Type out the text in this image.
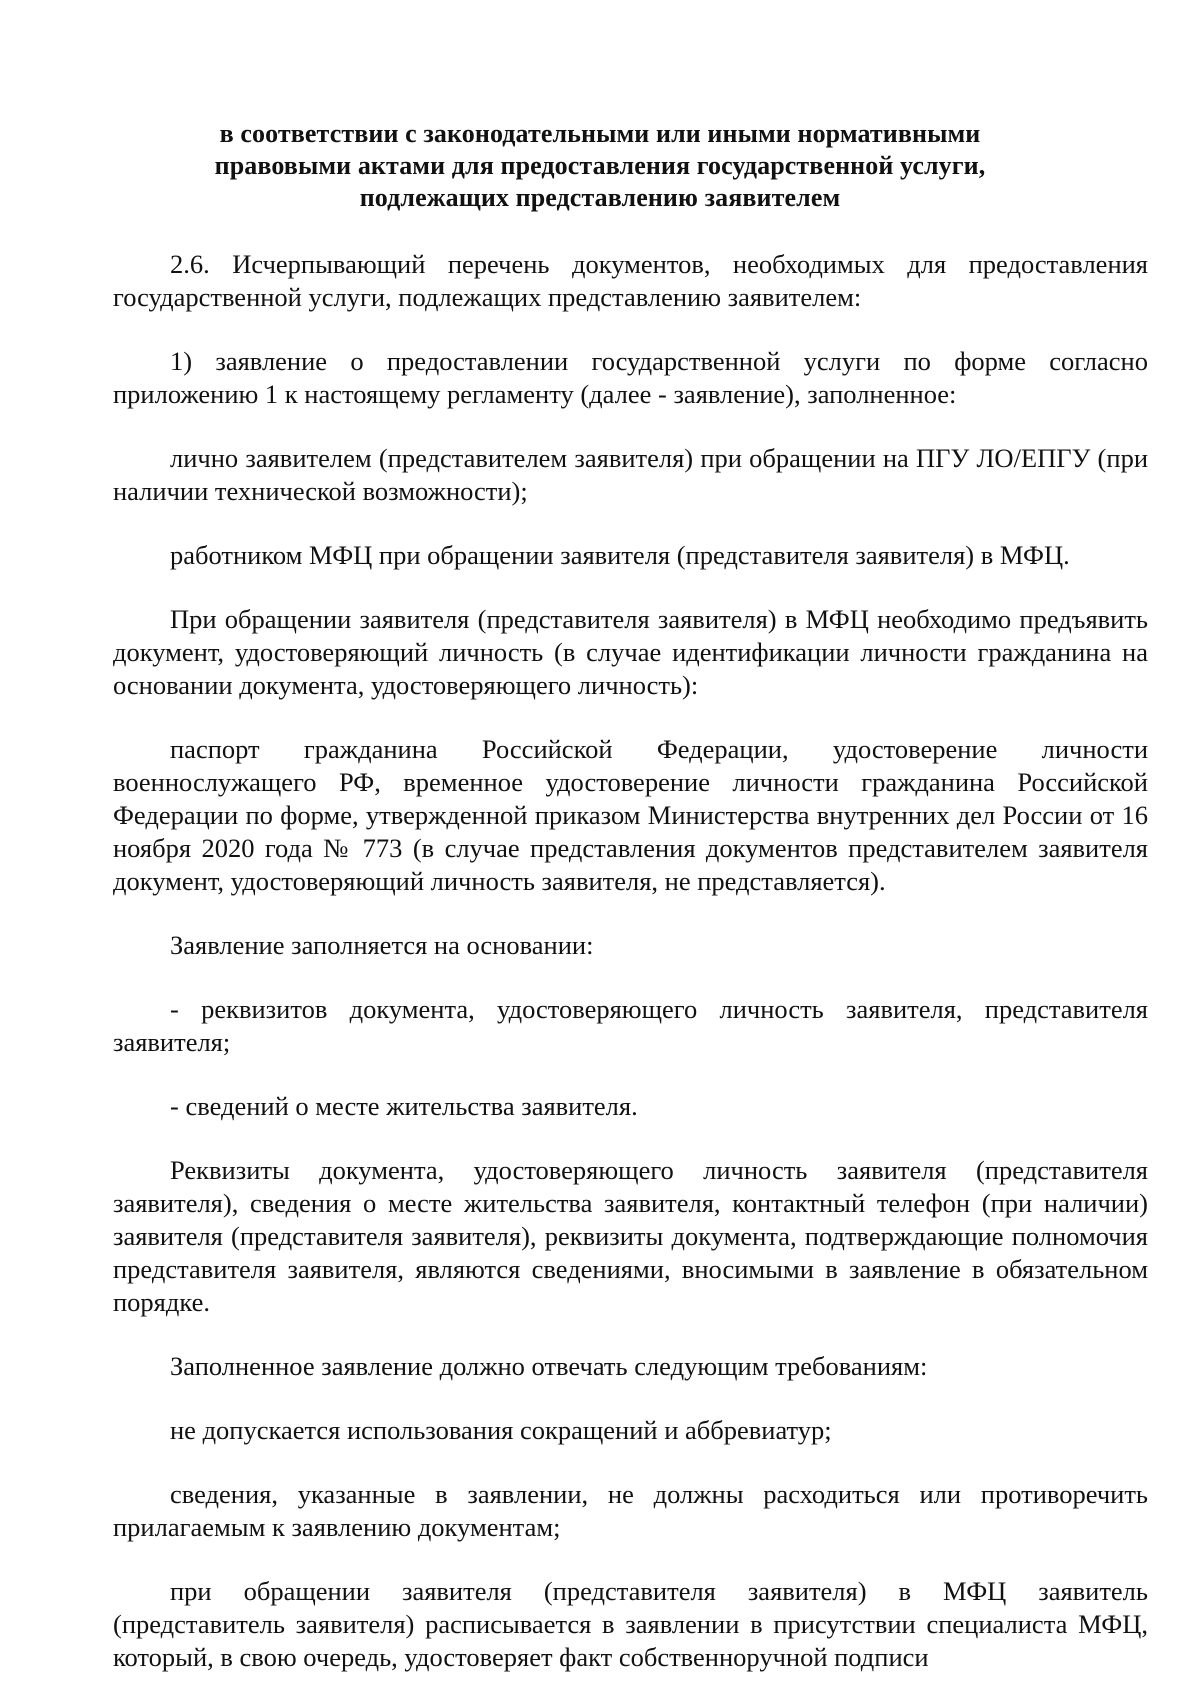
в соответствии с законодательными или иными нормативными
правовыми актами для предоставления государственной услуги,
подлежащих представлению заявителем

2.6. Исчерпывающий перечень документов, необходимых для предоставления государственной услуги, подлежащих представлению заявителем:

1) заявление о предоставлении государственной услуги по форме согласно приложению 1 к настоящему регламенту (далее - заявление), заполненное:

лично заявителем (представителем заявителя) при обращении на ПГУ ЛО/ЕПГУ (при наличии технической возможности);

работником МФЦ при обращении заявителя (представителя заявителя) в МФЦ.

При обращении заявителя (представителя заявителя) в МФЦ необходимо предъявить документ, удостоверяющий личность (в случае идентификации личности гражданина на основании документа, удостоверяющего личность):

паспорт гражданина Российской Федерации, удостоверение личности военнослужащего РФ, временное удостоверение личности гражданина Российской Федерации по форме, утвержденной приказом Министерства внутренних дел России от 16 ноября 2020 года № 773 (в случае представления документов представителем заявителя документ, удостоверяющий личность заявителя, не представляется).

Заявление заполняется на основании:

- реквизитов документа, удостоверяющего личность заявителя, представителя заявителя;

- сведений о месте жительства заявителя.

Реквизиты документа, удостоверяющего личность заявителя (представителя заявителя), сведения о месте жительства заявителя, контактный телефон (при наличии) заявителя (представителя заявителя), реквизиты документа, подтверждающие полномочия представителя заявителя, являются сведениями, вносимыми в заявление в обязательном порядке.

Заполненное заявление должно отвечать следующим требованиям:

не допускается использования сокращений и аббревиатур;

сведения, указанные в заявлении, не должны расходиться или противоречить прилагаемым к заявлению документам;

при обращении заявителя (представителя заявителя) в МФЦ заявитель (представитель заявителя) расписывается в заявлении в присутствии специалиста МФЦ, который, в свою очередь, удостоверяет факт собственноручной подписи
